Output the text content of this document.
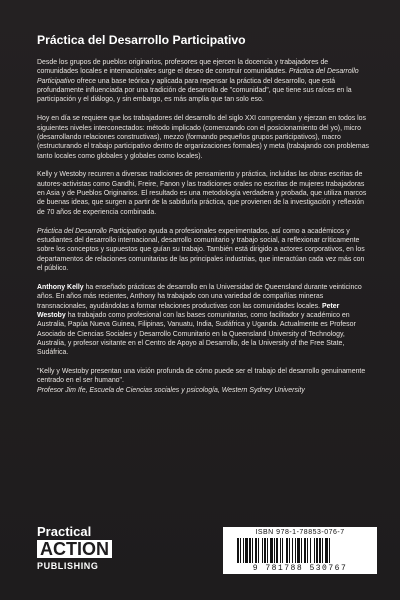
Práctica del Desarrollo Participativo

Desde los grupos de pueblos originarios, profesores que ejercen la docencia y trabajadores de comunidades locales e internacionales surge el deseo de construir comunidades. Práctica del Desarrollo Participativo ofrece una base teórica y aplicada para repensar la práctica del desarrollo, que está profundamente influenciada por una tradición de desarrollo de "comunidad", que tiene sus raíces en la participación y el diálogo, y sin embargo, es más amplia que tan solo eso.

Hoy en día se requiere que los trabajadores del desarrollo del siglo XXI comprendan y ejerzan en todos los siguientes niveles interconectados: método implicado (comenzando con el posicionamiento del yo), micro (desarrollando relaciones constructivas), mezzo (formando pequeños grupos participativos), macro (estructurando el trabajo participativo dentro de organizaciones formales) y meta (trabajando con problemas tanto locales como globales y globales como locales).

Kelly y Westoby recurren a diversas tradiciones de pensamiento y práctica, incluidas las obras escritas de autores-activistas como Gandhi, Freire, Fanon y las tradiciones orales no escritas de mujeres trabajadoras en Asia y de Pueblos Originarios. El resultado es una metodología verdadera y probada, que utiliza marcos de buenas ideas, que surgen a partir de la sabiduría práctica, que provienen de la investigación y reflexión de 70 años de experiencia combinada.

Práctica del Desarrollo Participativo ayuda a profesionales experimentados, así como a académicos y estudiantes del desarrollo internacional, desarrollo comunitario y trabajo social, a reflexionar críticamente sobre los conceptos y supuestos que guían su trabajo. También está dirigido a actores corporativos, en los departamentos de relaciones comunitarias de las principales industrias, que interactúan cada vez más con el público.

Anthony Kelly ha enseñado prácticas de desarrollo en la Universidad de Queensland durante veinticinco años. En años más recientes, Anthony ha trabajado con una variedad de compañías mineras transnacionales, ayudándolas a formar relaciones productivas con las comunidades locales. Peter Westoby ha trabajado como profesional con las bases comunitarias, como facilitador y académico en Australia, Papúa Nueva Guinea, Filipinas, Vanuatu, India, Sudáfrica y Uganda. Actualmente es Profesor Asociado de Ciencias Sociales y Desarrollo Comunitario en la Queensland University of Technology, Australia, y profesor visitante en el Centro de Apoyo al Desarrollo, de la University of the Free State, Sudáfrica.

"Kelly y Westoby presentan una visión profunda de cómo puede ser el trabajo del desarrollo genuinamente centrado en el ser humano".
Profesor Jim Ife, Escuela de Ciencias sociales y psicología, Western Sydney University

Practical
ACTION
PUBLISHING
ISBN 978-1-78853-076-7
9 781788 530767
